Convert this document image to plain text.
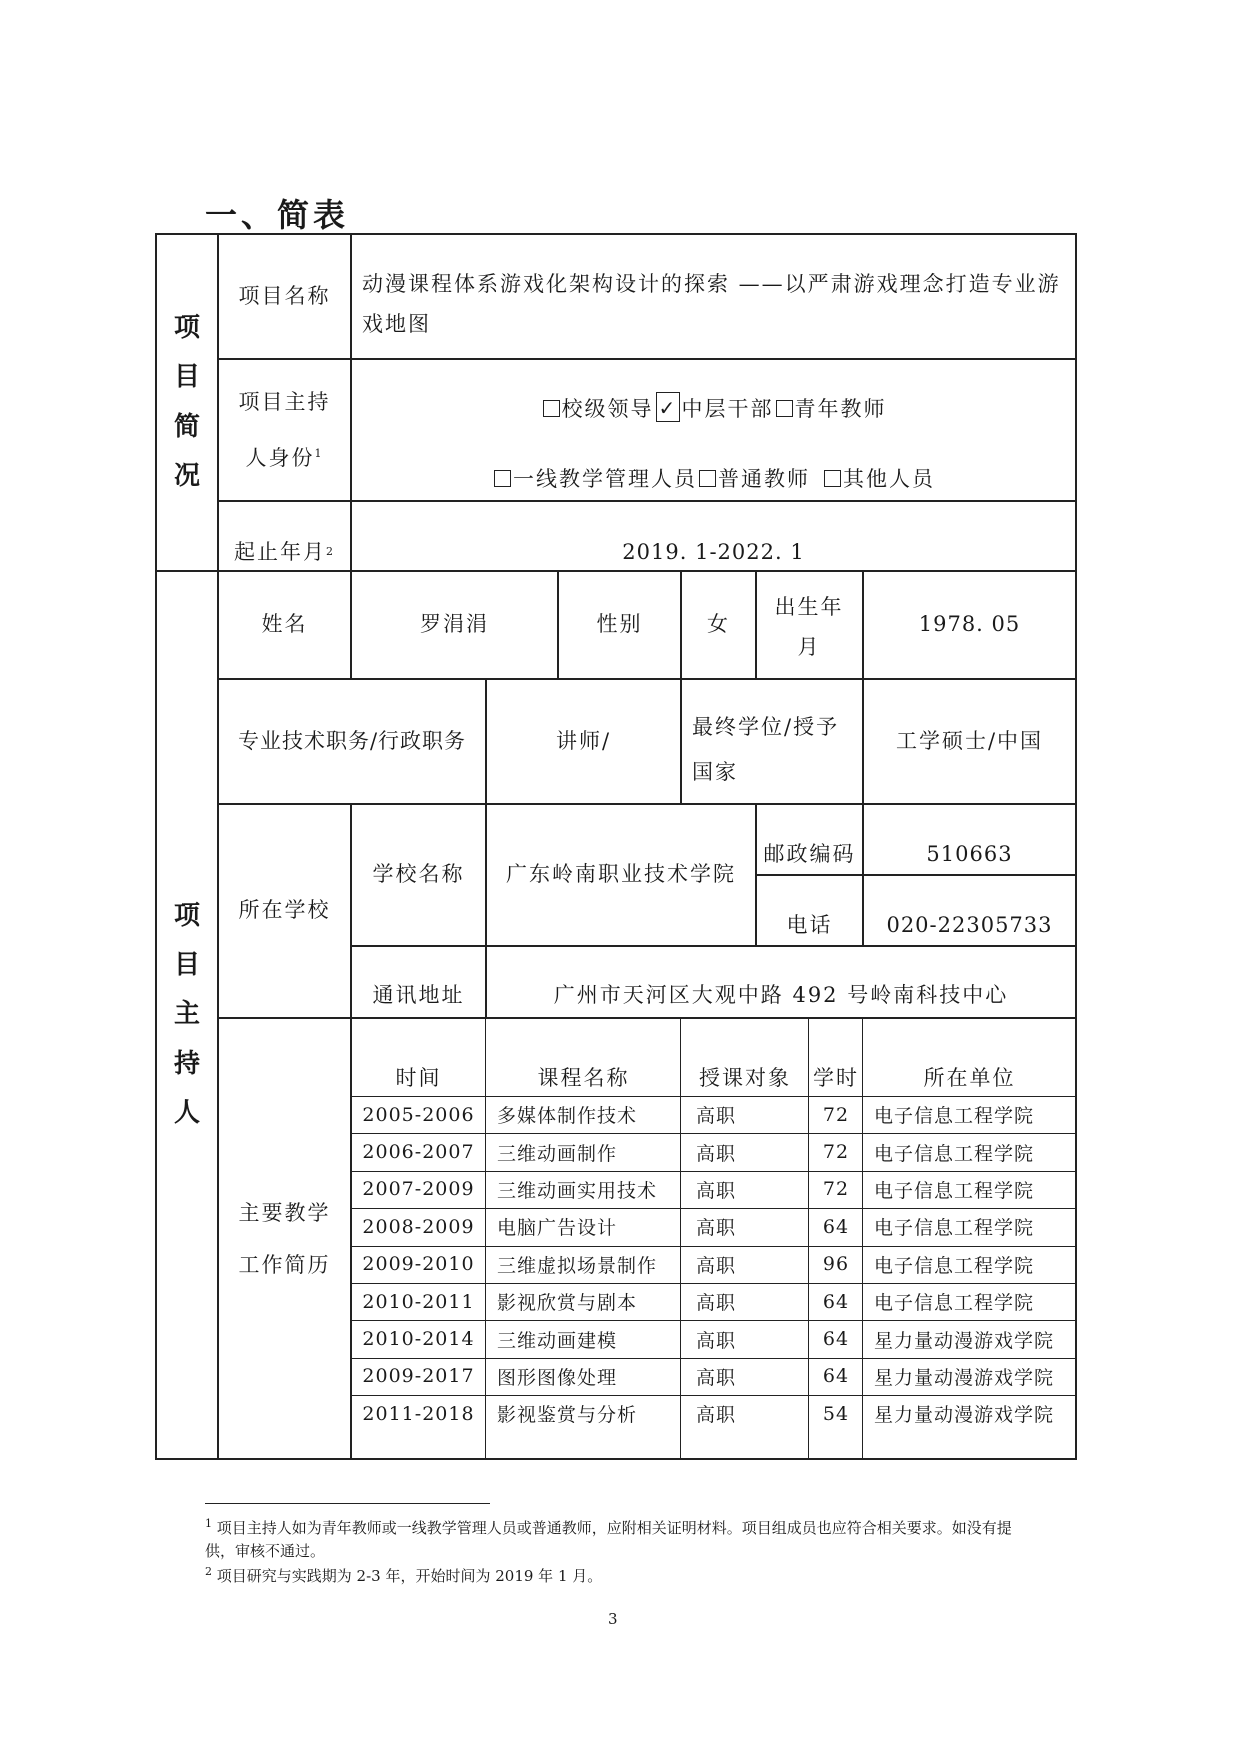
一、简表
项
目
简
况
项目名称	动漫课程体系游戏化架构设计的探索 ——以严肃游戏理念打造专业游戏地图
项目主持
人身份$^1$
校级领导✓ 中层干部 青年教师
一线教学管理人员 普通教师 其他人员
起止年月 2	2019. 1-2022. 1
项
目
主
持
人
姓名	罗涓涓	性别	女
出生年月
1978. 05
专业技术职务/行政职务	讲师/
最终学位/授予国家
工学硕士/中国
所在学校
学校名称	广东岭南职业技术学院
邮政编码	510663
电话	020-22305733
通讯地址	广州市天河区大观中路 492 号岭南科技中心
主要教学
工作简历
时间	课程名称	授课对象	学时	所在单位
2005-2006	多媒体制作技术	高职	72	电子信息工程学院
2006-2007	三维动画制作	高职	72	电子信息工程学院
2007-2009	三维动画实用技术	高职	72	电子信息工程学院
2008-2009	电脑广告设计	高职	64	电子信息工程学院
2009-2010	三维虚拟场景制作	高职	96	电子信息工程学院
2010-2011	影视欣赏与剧本	高职	64	电子信息工程学院
2010-2014	三维动画建模	高职	64	星力量动漫游戏学院
2009-2017	图形图像处理	高职	64	星力量动漫游戏学院
2011-2018	影视鉴赏与分析	高职	54	星力量动漫游戏学院
$^1$ 项目主持人如为青年教师或一线教学管理人员或普通教师，应附相关证明材料。项目组成员也应符合相关要求。如没有提供，审核不通过。
$^2$ 项目研究与实践期为 2-3 年，开始时间为 2019 年 1 月。
3
